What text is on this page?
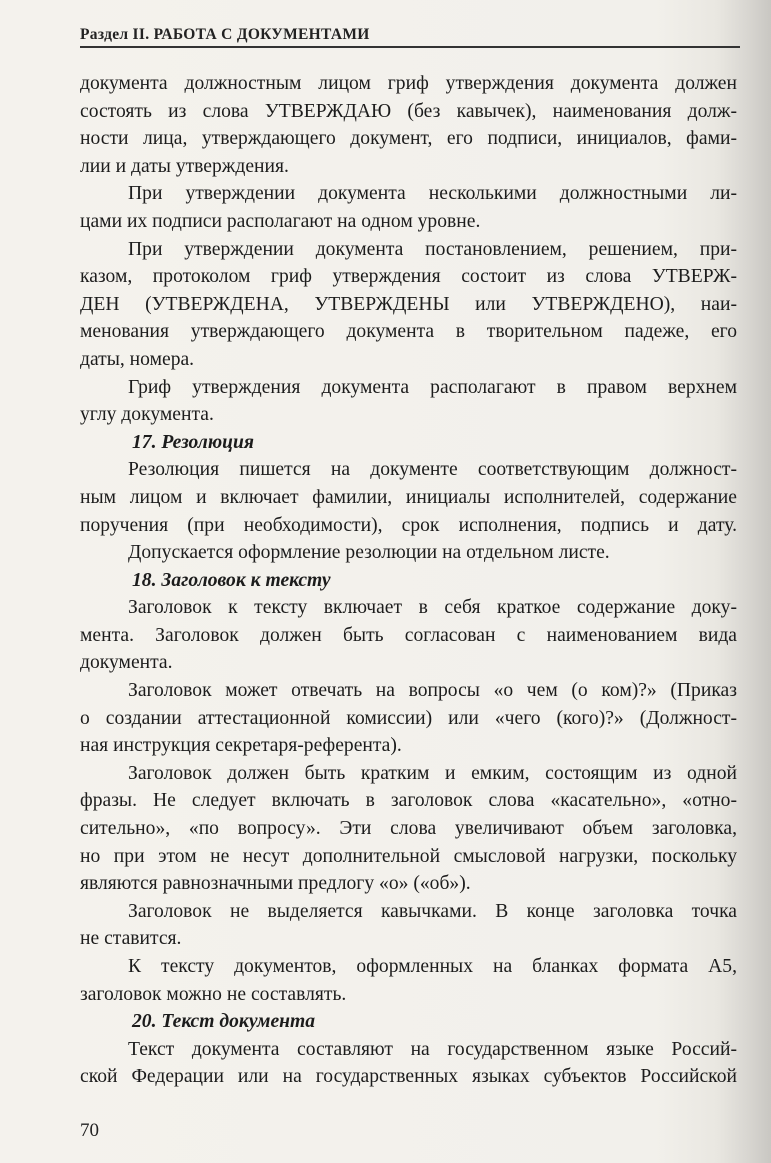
Раздел II. РАБОТА С ДОКУМЕНТАМИ
документа должностным лицом гриф утверждения документа должен
состоять из слова УТВЕРЖДАЮ (без кавычек), наименования долж-
ности лица, утверждающего документ, его подписи, инициалов, фами-
лии и даты утверждения.
При утверждении документа несколькими должностными ли-
цами их подписи располагают на одном уровне.
При утверждении документа постановлением, решением, при-
казом, протоколом гриф утверждения состоит из слова УТВЕРЖ-
ДЕН (УТВЕРЖДЕНА, УТВЕРЖДЕНЫ или УТВЕРЖДЕНО), наи-
менования утверждающего документа в творительном падеже, его
даты, номера.
Гриф утверждения документа располагают в правом верхнем
углу документа.
17. Резолюция
Резолюция пишется на документе соответствующим должност-
ным лицом и включает фамилии, инициалы исполнителей, содержание
поручения (при необходимости), срок исполнения, подпись и дату.
Допускается оформление резолюции на отдельном листе.
18. Заголовок к тексту
Заголовок к тексту включает в себя краткое содержание доку-
мента. Заголовок должен быть согласован с наименованием вида
документа.
Заголовок может отвечать на вопросы «о чем (о ком)?» (Приказ
о создании аттестационной комиссии) или «чего (кого)?» (Должност-
ная инструкция секретаря-референта).
Заголовок должен быть кратким и емким, состоящим из одной
фразы. Не следует включать в заголовок слова «касательно», «отно-
сительно», «по вопросу». Эти слова увеличивают объем заголовка,
но при этом не несут дополнительной смысловой нагрузки, поскольку
являются равнозначными предлогу «о» («об»).
Заголовок не выделяется кавычками. В конце заголовка точка
не ставится.
К тексту документов, оформленных на бланках формата А5,
заголовок можно не составлять.
20. Текст документа
Текст документа составляют на государственном языке Россий-
ской Федерации или на государственных языках субъектов Российской
70
